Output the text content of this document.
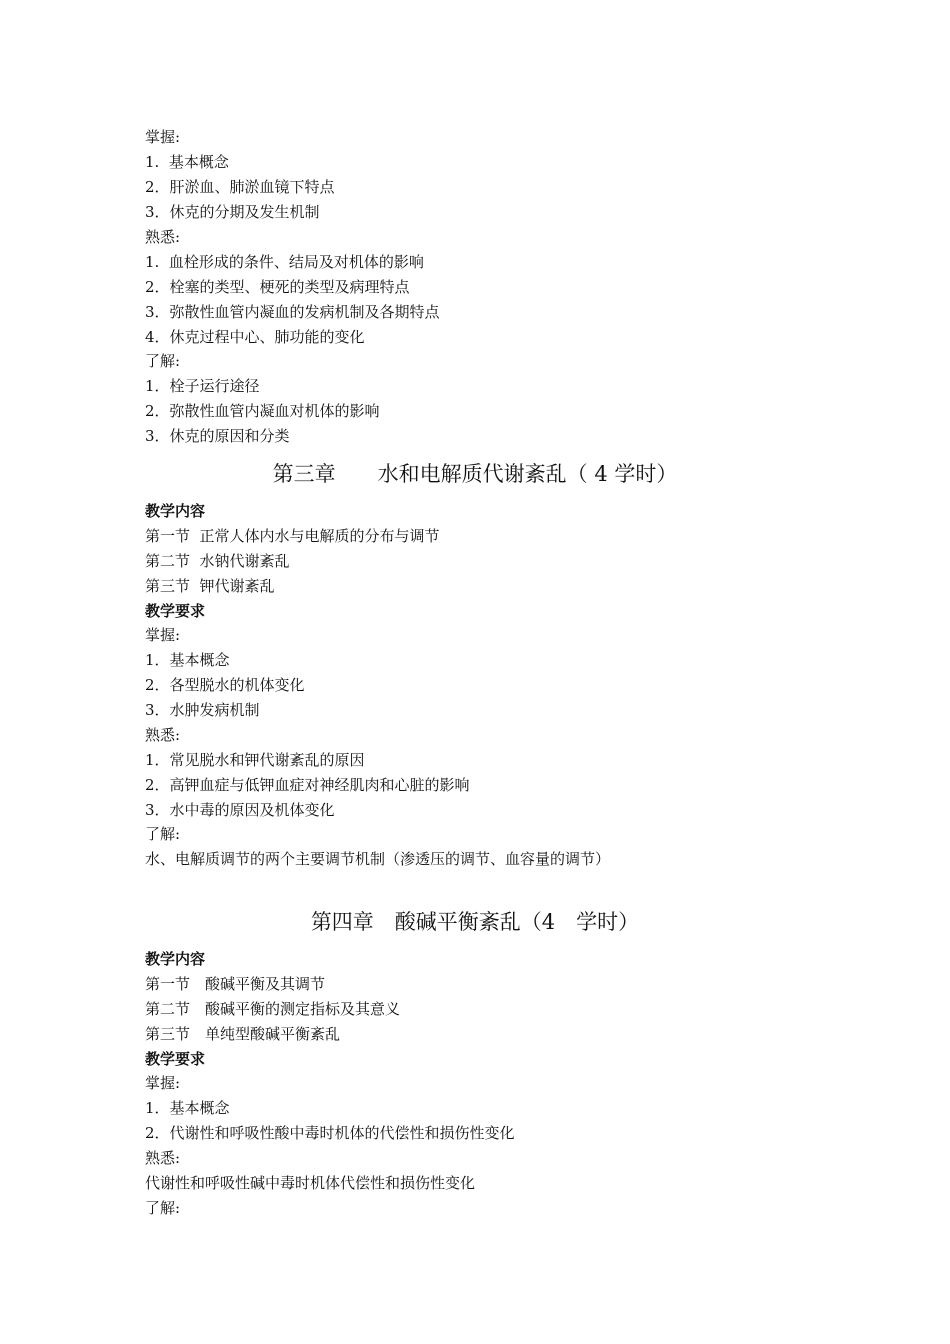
掌握:

1.  基本概念

2．肝淤血、肺淤血镜下特点

3．休克的分期及发生机制

熟悉:

1.  血栓形成的条件、结局及对机体的影响

2．栓塞的类型、梗死的类型及病理特点

3．弥散性血管内凝血的发病机制及各期特点

4．休克过程中心、肺功能的变化

了解:

1．栓子运行途径

2．弥散性血管内凝血对机体的影响

3．休克的原因和分类

第三章　　水和电解质代谢紊乱（ 4 学时）

教学内容

第一节  正常人体内水与电解质的分布与调节

第二节  水钠代谢紊乱

第三节  钾代谢紊乱

教学要求

掌握:

1．基本概念

2．各型脱水的机体变化

3．水肿发病机制

熟悉:

1．常见脱水和钾代谢紊乱的原因

2．高钾血症与低钾血症对神经肌肉和心脏的影响

3．水中毒的原因及机体变化

了解:

水、电解质调节的两个主要调节机制（渗透压的调节、血容量的调节）

第四章　酸碱平衡紊乱（4　学时）

教学内容

第一节　酸碱平衡及其调节

第二节　酸碱平衡的测定指标及其意义

第三节　单纯型酸碱平衡紊乱

教学要求

掌握:

1．基本概念

2．代谢性和呼吸性酸中毒时机体的代偿性和损伤性变化

熟悉:

代谢性和呼吸性碱中毒时机体代偿性和损伤性变化

了解:
